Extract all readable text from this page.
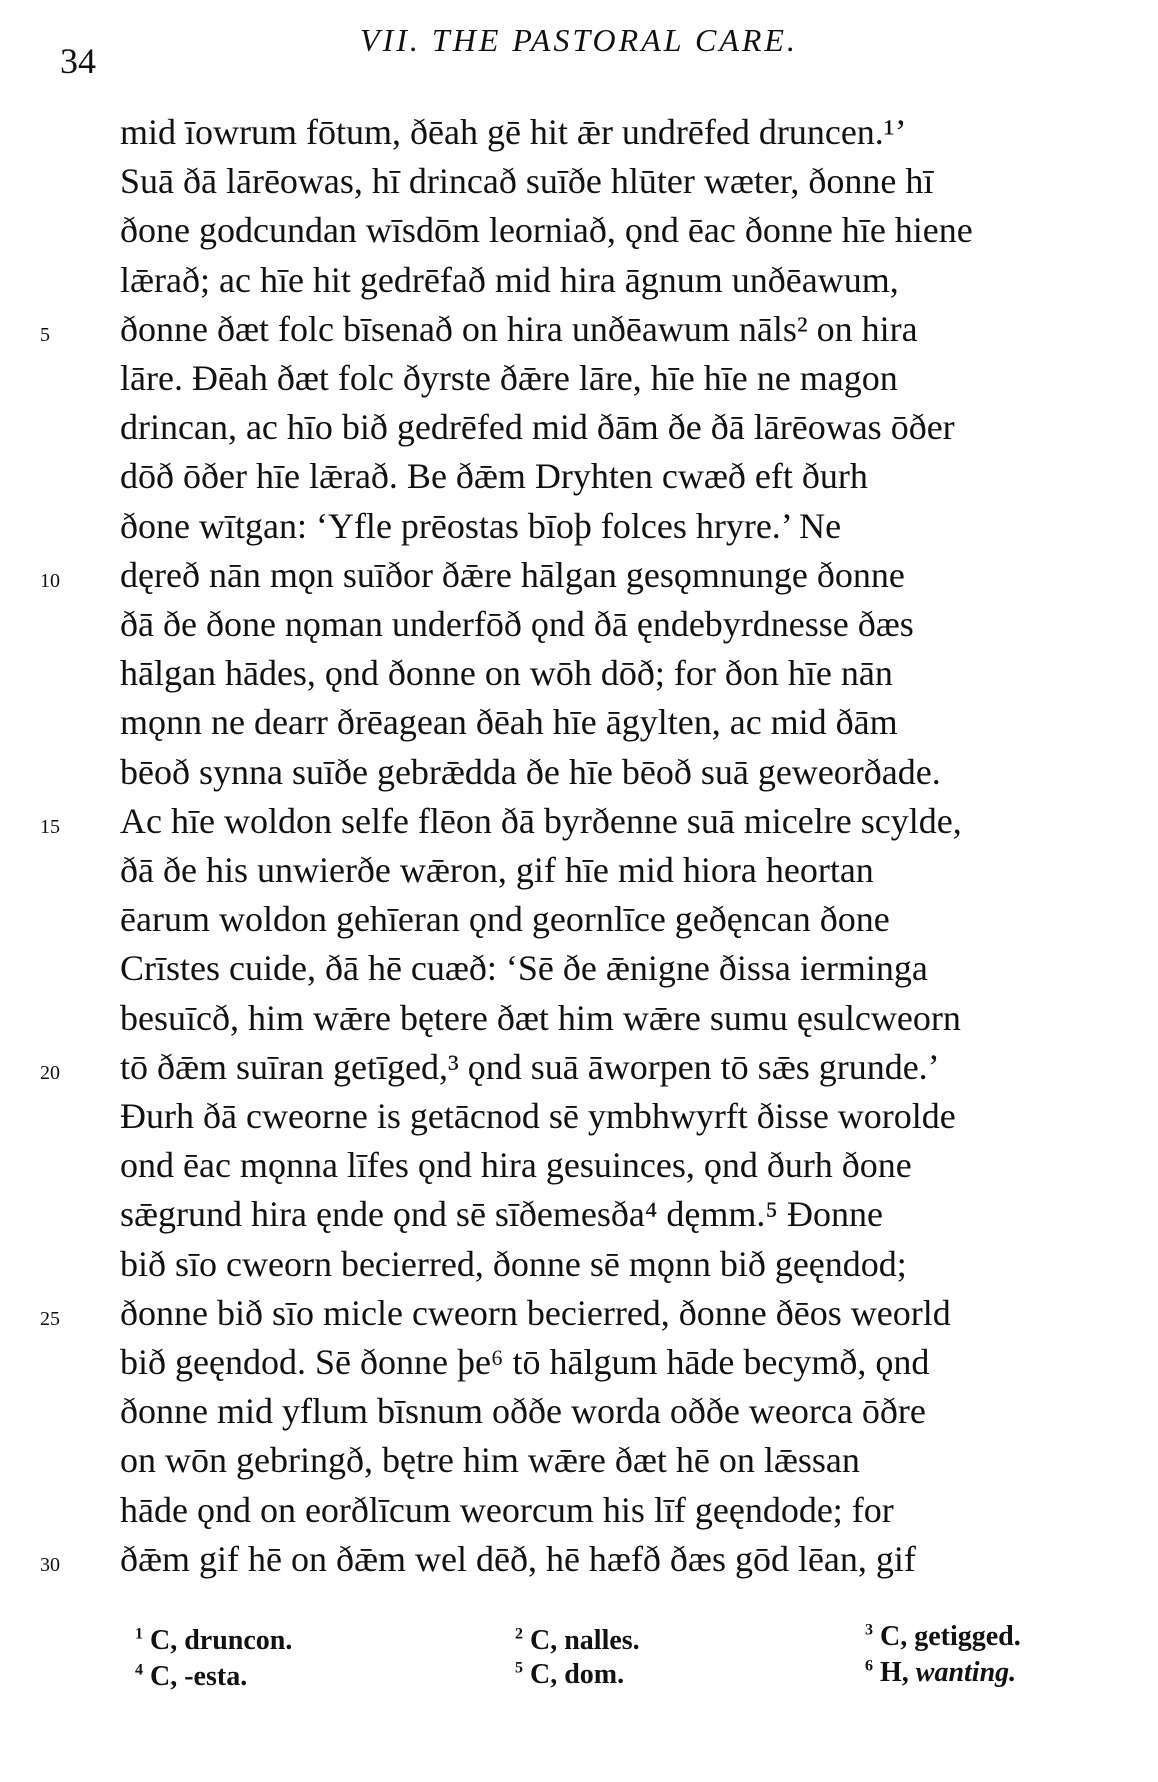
34
VII. THE PASTORAL CARE.
mid īowrum fōtum, ðēah gē hit ǣr undrēfed druncen.¹’
Suā ðā lārēowas, hī drincað suīðe hlūter wæter, ðonne hī
ðone godcundan wīsdōm leorniað, ǫnd ēac ðonne hīe hiene
lǣrað; ac hīe hit gedrēfað mid hira āgnum unðēawum,
5 ðonne ðæt folc bīsenað on hira unðēawum nāls² on hira
lāre. Ðēah ðæt folc ðyrste ðǣre lāre, hīe hīe ne magon
drincan, ac hīo bið gedrēfed mid ðām ðe ðā lārēowas ōðer
dōð ōðer hīe lǣrað. Be ðǣm Dryhten cwæð eft ðurh
ðone wītgan: ‘Yfle prēostas bīoþ folces hryre.’ Ne
10 dęreð nān mǫn suīðor ðǣre hālgan gesǫmnunge ðonne
ðā ðe ðone nǫman underfōð ǫnd ðā ęndebyrdnesse ðæs
hālgan hādes, ǫnd ðonne on wōh dōð; for ðon hīe nān
mǫnn ne dearr ðrēagean ðēah hīe āgylten, ac mid ðām
bēoð synna suīðe gebrǣdda ðe hīe bēoð suā geweorðade.
15 Ac hīe woldon selfe flēon ðā byrðenne suā micelre scylde,
ðā ðe his unwierðe wǣron, gif hīe mid hiora heortan
ēarum woldon gehīeran ǫnd geornlīce geðęncan ðone
Crīstes cuide, ðā hē cuæð: ‘Sē ðe ǣnigne ðissa ierminga
besuīcð, him wǣre bętere ðæt him wǣre sumu ęsulcweorn
20 tō ðǣm suīran getīged,³ ǫnd suā āworpen tō sǣs grunde.’
Ðurh ðā cweorne is getācnod sē ymbhwyrft ðisse worolde
ond ēac mǫnna līfes ǫnd hira gesuinces, ǫnd ðurh ðone
sǣgrund hira ęnde ǫnd sē sīðemesða⁴ dęmm.⁵ Ðonne
bið sīo cweorn becierred, ðonne sē mǫnn bið geęndod;
25 ðonne bið sīo micle cweorn becierred, ðonne ðēos weorld
bið geęndod. Sē ðonne þe⁶ tō hālgum hāde becymð, ǫnd
ðonne mid yflum bīsnum oððe worda oððe weorca ōðre
on wōn gebringð, bętre him wǣre ðæt hē on lǣssan
hāde ǫnd on eorðlīcum weorcum his līf geęndode; for
30 ðǣm gif hē on ðǣm wel dēð, hē hæfð ðæs gōd lēan, gif
$^1$ C, druncon.	$^2$ C, nalles.	$^3$ C, getigged.
$^4$ C, -esta.	$^5$ C, dom.	$^6$ H, wanting.
